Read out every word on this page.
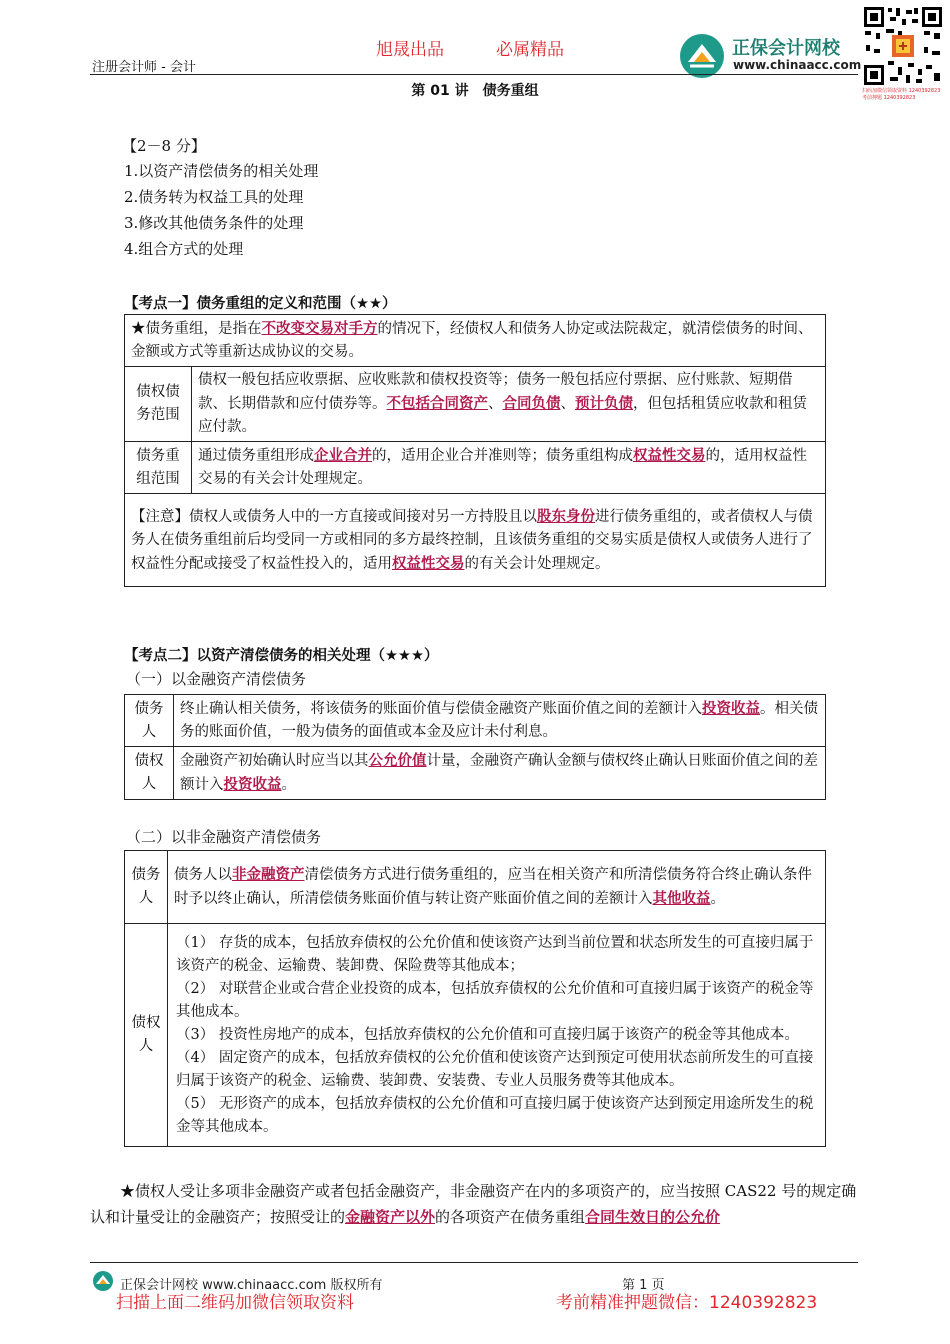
注册会计师 - 会计
旭晟出品	必属精品	正保会计网校
www.chinaacc.com
扫码加微信领取资料 1240392823
考前押题 1240392823
第 01 讲　债务重组
【2－8 分】
1.以资产清偿债务的相关处理
2.债务转为权益工具的处理
3.修改其他债务条件的处理
4.组合方式的处理
【考点一】债务重组的定义和范围（★★）
★债务重组，是指在不改变交易对手方的情况下，经债权人和债务人协定或法院裁定，就清偿债务的时间、金额或方式等重新达成协议的交易。	
债权债务范围	债权一般包括应收票据、应收账款和债权投资等；债务一般包括应付票据、应付账款、短期借款、长期借款和应付债券等。不包括合同资产、合同负债、预计负债，但包括租赁应收款和租赁应付款。
债务重组范围	通过债务重组形成企业合并的，适用企业合并准则等；债务重组构成权益性交易的，适用权益性交易的有关会计处理规定。
【注意】债权人或债务人中的一方直接或间接对另一方持股且以股东身份进行债务重组的，或者债权人与债务人在债务重组前后均受同一方或相同的多方最终控制，且该债务重组的交易实质是债权人或债务人进行了权益性分配或接受了权益性投入的，适用权益性交易的有关会计处理规定。	
【考点二】以资产清偿债务的相关处理（★★★）
（一）以金融资产清偿债务
债务人	终止确认相关债务，将该债务的账面价值与偿债金融资产账面价值之间的差额计入投资收益。相关债务的账面价值，一般为债务的面值或本金及应计未付利息。
债权人	金融资产初始确认时应当以其公允价值计量，金融资产确认金额与债权终止确认日账面价值之间的差额计入投资收益。
（二）以非金融资产清偿债务
债务人	债务人以非金融资产清偿债务方式进行债务重组的，应当在相关资产和所清偿债务符合终止确认条件时予以终止确认，所清偿债务账面价值与转让资产账面价值之间的差额计入其他收益。
债权人	（1） 存货的成本，包括放弃债权的公允价值和使该资产达到当前位置和状态所发生的可直接归属于该资产的税金、运输费、装卸费、保险费等其他成本；
（2） 对联营企业或合营企业投资的成本，包括放弃债权的公允价值和可直接归属于该资产的税金等其他成本。
（3） 投资性房地产的成本，包括放弃债权的公允价值和可直接归属于该资产的税金等其他成本。
（4） 固定资产的成本，包括放弃债权的公允价值和使该资产达到预定可使用状态前所发生的可直接归属于该资产的税金、运输费、装卸费、安装费、专业人员服务费等其他成本。
（5） 无形资产的成本，包括放弃债权的公允价值和可直接归属于使该资产达到预定用途所发生的税金等其他成本。
★债权人受让多项非金融资产或者包括金融资产，非金融资产在内的多项资产的，应当按照 CAS22 号的规定确认和计量受让的金融资产；按照受让的金融资产以外的各项资产在债务重组合同生效日的公允价
正保会计网校 www.chinaacc.com 版权所有	第 1 页
扫描上面二维码加微信领取资料	考前精准押题微信：1240392823
